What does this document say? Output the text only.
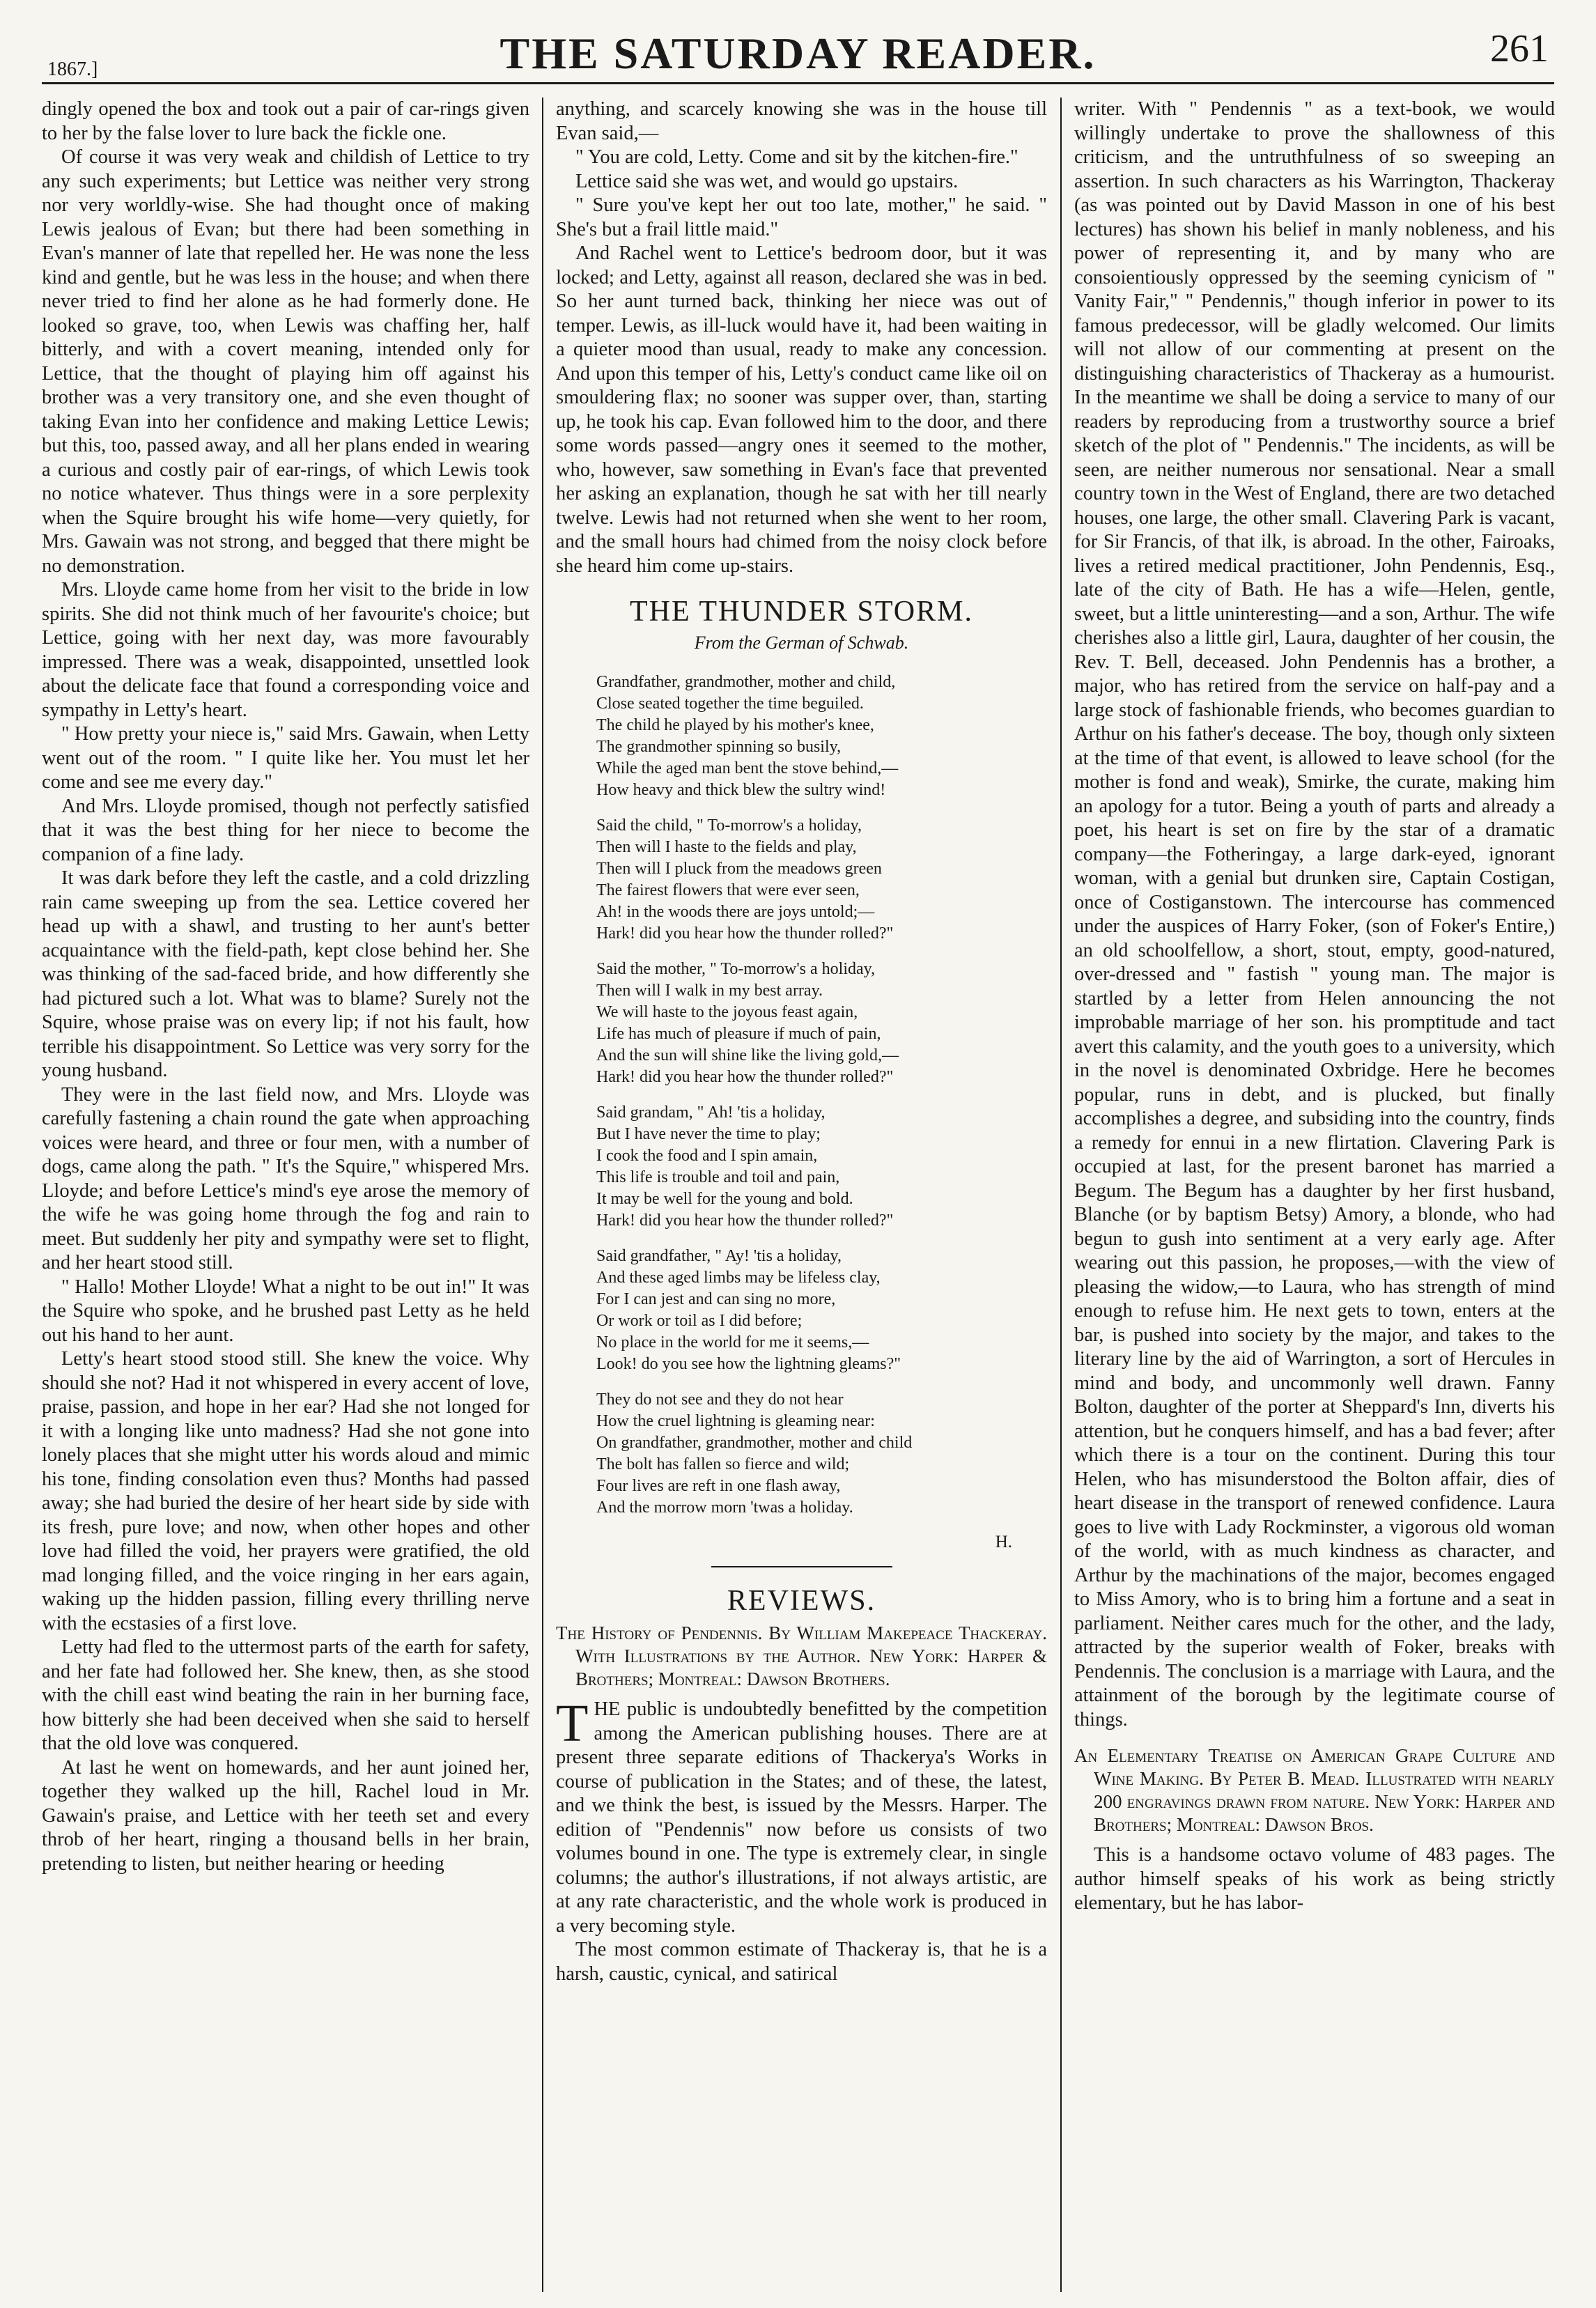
1867.]	THE SATURDAY READER.	261

dingly opened the box and took out a pair of car-rings given to her by the false lover to lure back the fickle one.

Of course it was very weak and childish of Lettice to try any such experiments; but Lettice was neither very strong nor very worldly-wise. She had thought once of making Lewis jealous of Evan; but there had been something in Evan's manner of late that repelled her. He was none the less kind and gentle, but he was less in the house; and when there never tried to find her alone as he had formerly done. He looked so grave, too, when Lewis was chaffing her, half bitterly, and with a covert meaning, intended only for Lettice, that the thought of playing him off against his brother was a very transitory one, and she even thought of taking Evan into her confidence and making Lettice Lewis; but this, too, passed away, and all her plans ended in wearing a curious and costly pair of ear-rings, of which Lewis took no notice whatever. Thus things were in a sore perplexity when the Squire brought his wife home—very quietly, for Mrs. Gawain was not strong, and begged that there might be no demonstration.

Mrs. Lloyde came home from her visit to the bride in low spirits. She did not think much of her favourite's choice; but Lettice, going with her next day, was more favourably impressed. There was a weak, disappointed, unsettled look about the delicate face that found a corresponding voice and sympathy in Letty's heart.

" How pretty your niece is," said Mrs. Gawain, when Letty went out of the room. " I quite like her. You must let her come and see me every day."

And Mrs. Lloyde promised, though not perfectly satisfied that it was the best thing for her niece to become the companion of a fine lady.

It was dark before they left the castle, and a cold drizzling rain came sweeping up from the sea. Lettice covered her head up with a shawl, and trusting to her aunt's better acquaintance with the field-path, kept close behind her. She was thinking of the sad-faced bride, and how differently she had pictured such a lot. What was to blame? Surely not the Squire, whose praise was on every lip; if not his fault, how terrible his disappointment. So Lettice was very sorry for the young husband.

They were in the last field now, and Mrs. Lloyde was carefully fastening a chain round the gate when approaching voices were heard, and three or four men, with a number of dogs, came along the path. " It's the Squire," whispered Mrs. Lloyde; and before Lettice's mind's eye arose the memory of the wife he was going home through the fog and rain to meet. But suddenly her pity and sympathy were set to flight, and her heart stood still.

" Hallo! Mother Lloyde! What a night to be out in!" It was the Squire who spoke, and he brushed past Letty as he held out his hand to her aunt.

Letty's heart stood stood still. She knew the voice. Why should she not? Had it not whispered in every accent of love, praise, passion, and hope in her ear? Had she not longed for it with a longing like unto madness? Had she not gone into lonely places that she might utter his words aloud and mimic his tone, finding consolation even thus? Months had passed away; she had buried the desire of her heart side by side with its fresh, pure love; and now, when other hopes and other love had filled the void, her prayers were gratified, the old mad longing filled, and the voice ringing in her ears again, waking up the hidden passion, filling every thrilling nerve with the ecstasies of a first love.

Letty had fled to the uttermost parts of the earth for safety, and her fate had followed her. She knew, then, as she stood with the chill east wind beating the rain in her burning face, how bitterly she had been deceived when she said to herself that the old love was conquered.

At last he went on homewards, and her aunt joined her, together they walked up the hill, Rachel loud in Mr. Gawain's praise, and Lettice with her teeth set and every throb of her heart, ringing a thousand bells in her brain, pretending to listen, but neither hearing or heeding

anything, and scarcely knowing she was in the house till Evan said,—

" You are cold, Letty. Come and sit by the kitchen-fire."

Lettice said she was wet, and would go upstairs.

" Sure you've kept her out too late, mother," he said. " She's but a frail little maid."

And Rachel went to Lettice's bedroom door, but it was locked; and Letty, against all reason, declared she was in bed. So her aunt turned back, thinking her niece was out of temper. Lewis, as ill-luck would have it, had been waiting in a quieter mood than usual, ready to make any concession. And upon this temper of his, Letty's conduct came like oil on smouldering flax; no sooner was supper over, than, starting up, he took his cap. Evan followed him to the door, and there some words passed—angry ones it seemed to the mother, who, however, saw something in Evan's face that prevented her asking an explanation, though he sat with her till nearly twelve. Lewis had not returned when she went to her room, and the small hours had chimed from the noisy clock before she heard him come up-stairs.

THE THUNDER STORM.
From the German of Schwab.
Grandfather, grandmother, mother and child,
Close seated together the time beguiled.
The child he played by his mother's knee,
The grandmother spinning so busily,
While the aged man bent the stove behind,—
How heavy and thick blew the sultry wind!
Said the child, " To-morrow's a holiday,
Then will I haste to the fields and play,
Then will I pluck from the meadows green
The fairest flowers that were ever seen,
Ah! in the woods there are joys untold;—
Hark! did you hear how the thunder rolled?"
Said the mother, " To-morrow's a holiday,
Then will I walk in my best array.
We will haste to the joyous feast again,
Life has much of pleasure if much of pain,
And the sun will shine like the living gold,—
Hark! did you hear how the thunder rolled?"
Said grandam, " Ah! 'tis a holiday,
But I have never the time to play;
I cook the food and I spin amain,
This life is trouble and toil and pain,
It may be well for the young and bold.
Hark! did you hear how the thunder rolled?"
Said grandfather, " Ay! 'tis a holiday,
And these aged limbs may be lifeless clay,
For I can jest and can sing no more,
Or work or toil as I did before;
No place in the world for me it seems,—
Look! do you see how the lightning gleams?"
They do not see and they do not hear
How the cruel lightning is gleaming near:
On grandfather, grandmother, mother and child
The bolt has fallen so fierce and wild;
Four lives are reft in one flash away,
And the morrow morn 'twas a holiday.
H.
REVIEWS.
The History of Pendennis. By William Makepeace Thackeray. With Illustrations by the Author. New York: Harper & Brothers; Montreal: Dawson Brothers.

THE public is undoubtedly benefitted by the competition among the American publishing houses. There are at present three separate editions of Thackerya's Works in course of publication in the States; and of these, the latest, and we think the best, is issued by the Messrs. Harper. The edition of "Pendennis" now before us consists of two volumes bound in one. The type is extremely clear, in single columns; the author's illustrations, if not always artistic, are at any rate characteristic, and the whole work is produced in a very becoming style.

The most common estimate of Thackeray is, that he is a harsh, caustic, cynical, and satirical

writer. With " Pendennis " as a text-book, we would willingly undertake to prove the shallowness of this criticism, and the untruthfulness of so sweeping an assertion. In such characters as his Warrington, Thackeray (as was pointed out by David Masson in one of his best lectures) has shown his belief in manly nobleness, and his power of representing it, and by many who are consoientiously oppressed by the seeming cynicism of " Vanity Fair," " Pendennis," though inferior in power to its famous predecessor, will be gladly welcomed. Our limits will not allow of our commenting at present on the distinguishing characteristics of Thackeray as a humourist. In the meantime we shall be doing a service to many of our readers by reproducing from a trustworthy source a brief sketch of the plot of " Pendennis." The incidents, as will be seen, are neither numerous nor sensational. Near a small country town in the West of England, there are two detached houses, one large, the other small. Clavering Park is vacant, for Sir Francis, of that ilk, is abroad. In the other, Fairoaks, lives a retired medical practitioner, John Pendennis, Esq., late of the city of Bath. He has a wife—Helen, gentle, sweet, but a little uninteresting—and a son, Arthur. The wife cherishes also a little girl, Laura, daughter of her cousin, the Rev. T. Bell, deceased. John Pendennis has a brother, a major, who has retired from the service on half-pay and a large stock of fashionable friends, who becomes guardian to Arthur on his father's decease. The boy, though only sixteen at the time of that event, is allowed to leave school (for the mother is fond and weak), Smirke, the curate, making him an apology for a tutor. Being a youth of parts and already a poet, his heart is set on fire by the star of a dramatic company—the Fotheringay, a large dark-eyed, ignorant woman, with a genial but drunken sire, Captain Costigan, once of Costiganstown. The intercourse has commenced under the auspices of Harry Foker, (son of Foker's Entire,) an old schoolfellow, a short, stout, empty, good-natured, over-dressed and " fastish " young man. The major is startled by a letter from Helen announcing the not improbable marriage of her son. his promptitude and tact avert this calamity, and the youth goes to a university, which in the novel is denominated Oxbridge. Here he becomes popular, runs in debt, and is plucked, but finally accomplishes a degree, and subsiding into the country, finds a remedy for ennui in a new flirtation. Clavering Park is occupied at last, for the present baronet has married a Begum. The Begum has a daughter by her first husband, Blanche (or by baptism Betsy) Amory, a blonde, who had begun to gush into sentiment at a very early age. After wearing out this passion, he proposes,—with the view of pleasing the widow,—to Laura, who has strength of mind enough to refuse him. He next gets to town, enters at the bar, is pushed into society by the major, and takes to the literary line by the aid of Warrington, a sort of Hercules in mind and body, and uncommonly well drawn. Fanny Bolton, daughter of the porter at Sheppard's Inn, diverts his attention, but he conquers himself, and has a bad fever; after which there is a tour on the continent. During this tour Helen, who has misunderstood the Bolton affair, dies of heart disease in the transport of renewed confidence. Laura goes to live with Lady Rockminster, a vigorous old woman of the world, with as much kindness as character, and Arthur by the machinations of the major, becomes engaged to Miss Amory, who is to bring him a fortune and a seat in parliament. Neither cares much for the other, and the lady, attracted by the superior wealth of Foker, breaks with Pendennis. The conclusion is a marriage with Laura, and the attainment of the borough by the legitimate course of things.

An Elementary Treatise on American Grape Culture and Wine Making. By Peter B. Mead. Illustrated with nearly 200 engravings drawn from nature. New York: Harper and Brothers; Montreal: Dawson Bros.

This is a handsome octavo volume of 483 pages. The author himself speaks of his work as being strictly elementary, but he has labor-
